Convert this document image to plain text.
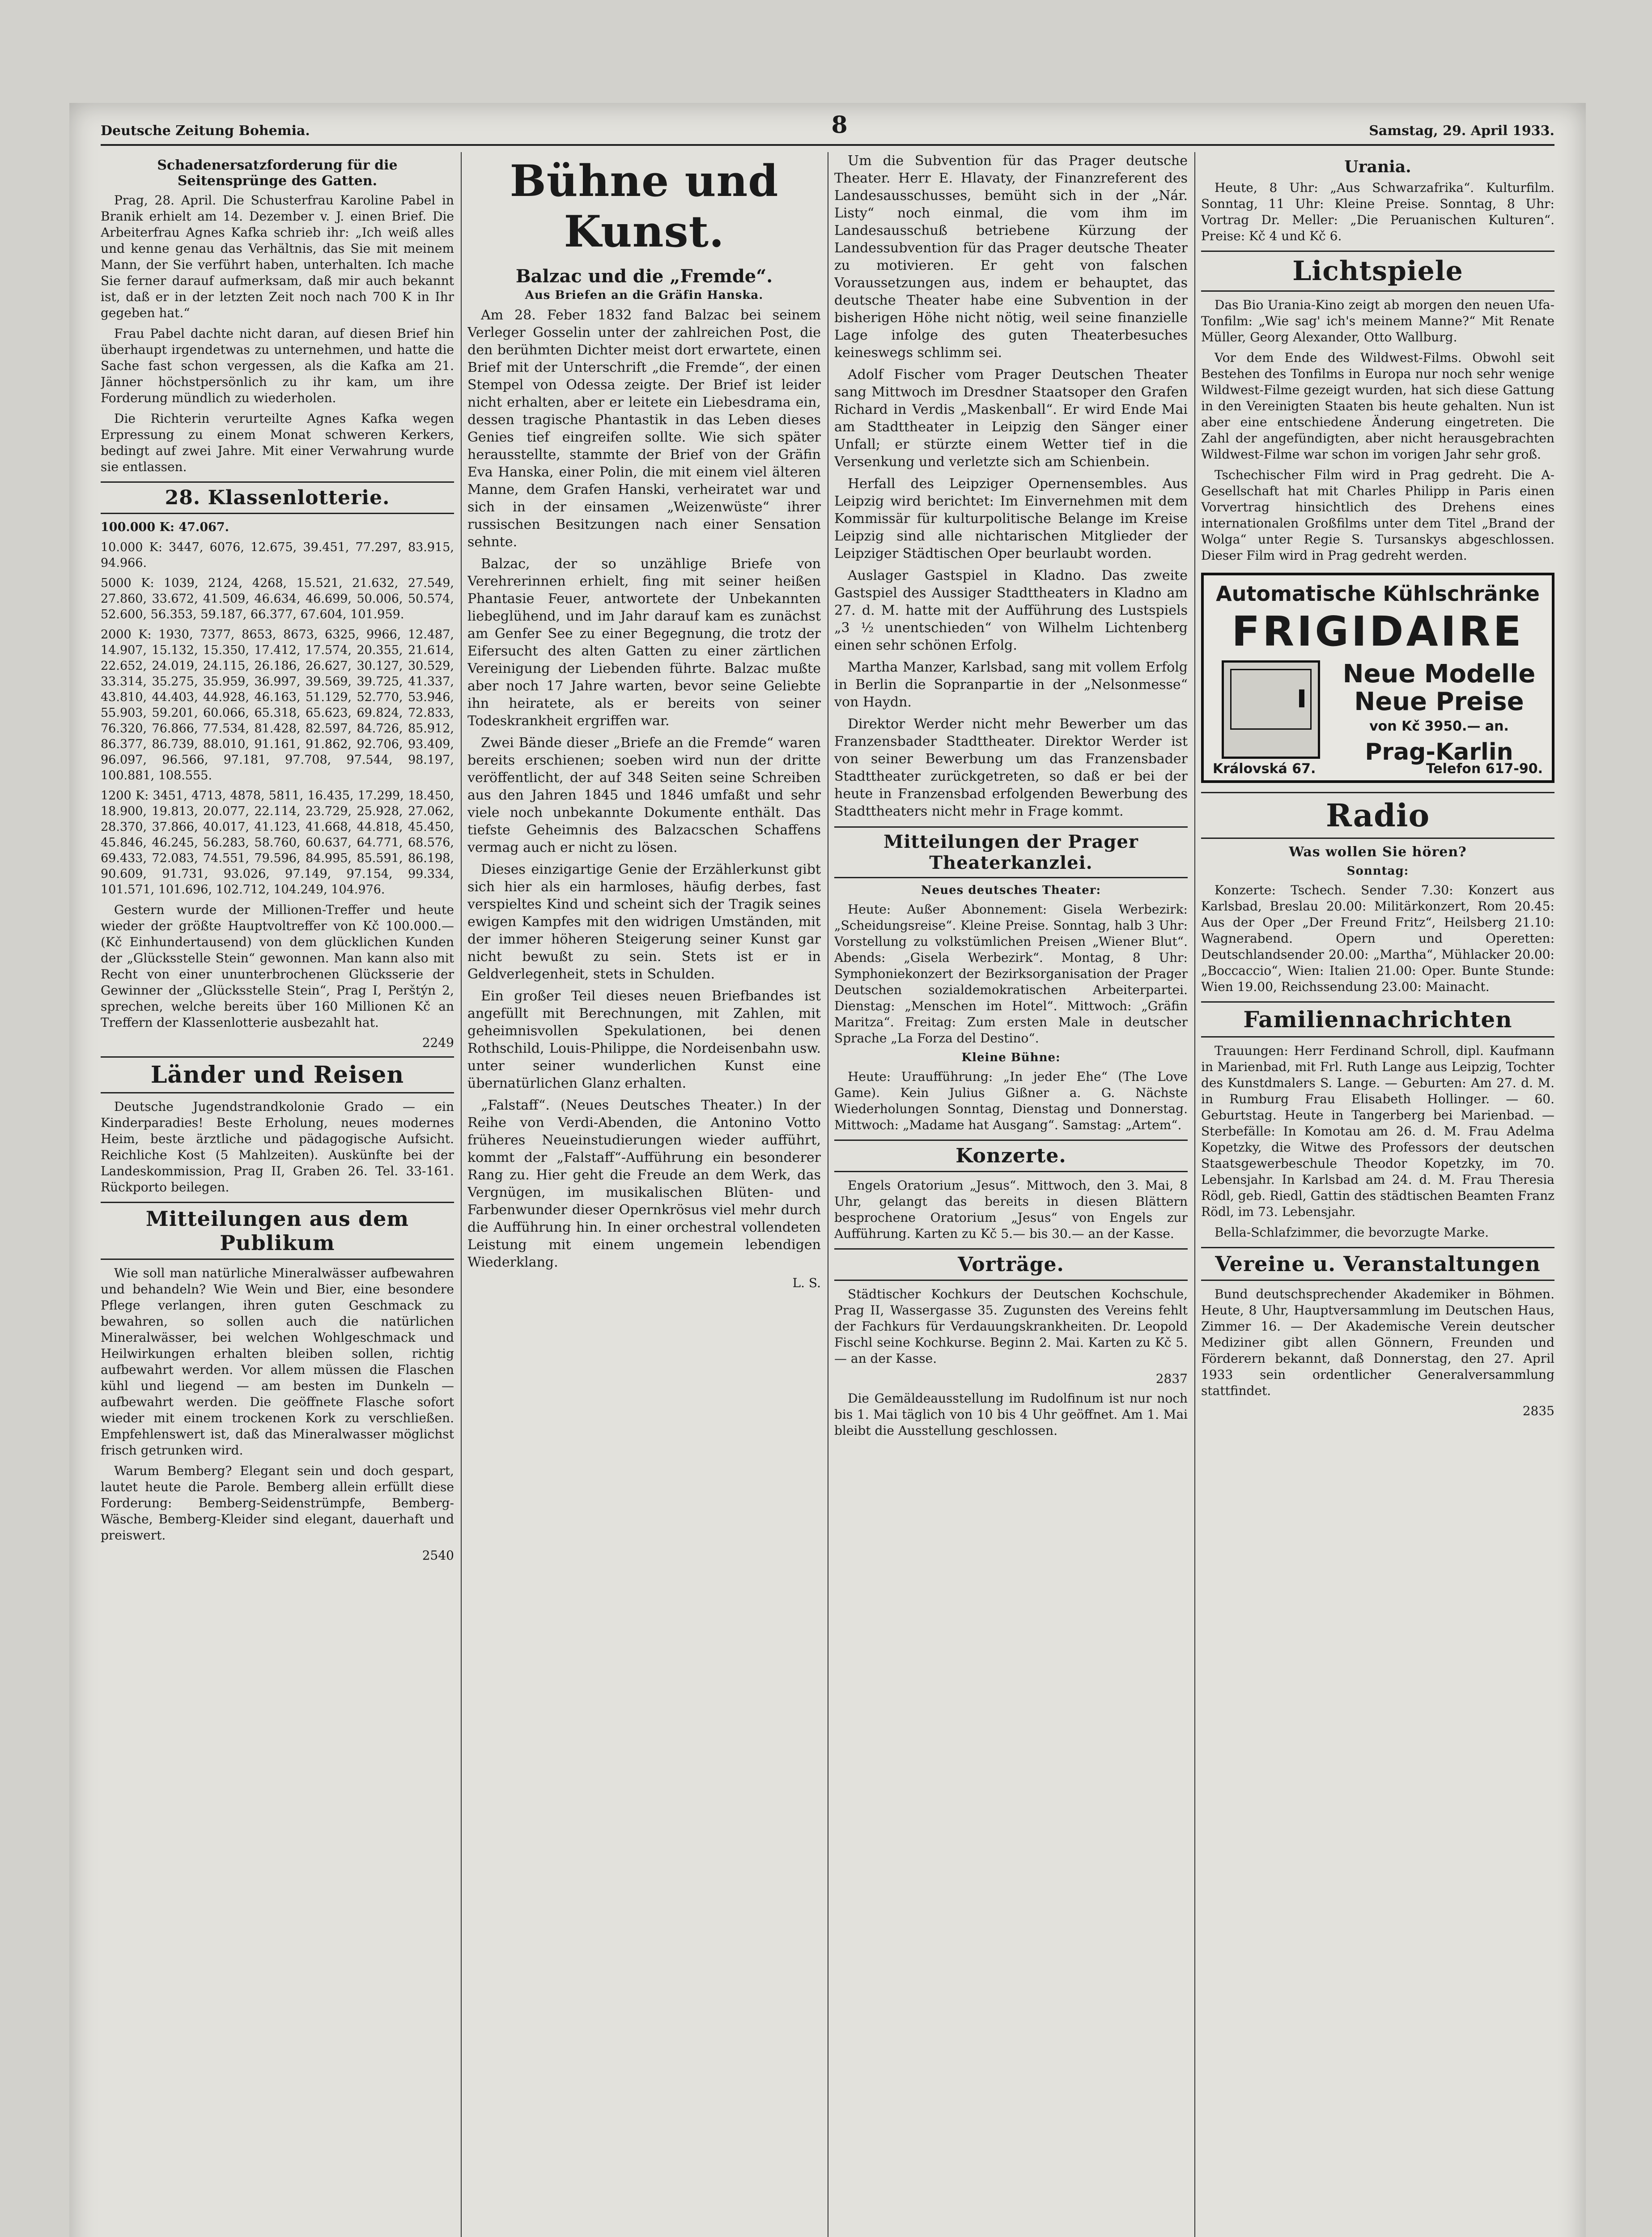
Deutsche Zeitung Bohemia.	8	Samstag, 29. April 1933.
Schadenersatzforderung für die Seitensprünge des Gatten.

Prag, 28. April. Die Schusterfrau Karoline Pabel in Branik erhielt am 14. Dezember v. J. einen Brief. Die Arbeiterfrau Agnes Kafka schrieb ihr: „Ich weiß alles und kenne genau das Verhältnis, das Sie mit meinem Mann, der Sie verführt haben, unterhalten. Ich mache Sie ferner darauf aufmerksam, daß mir auch bekannt ist, daß er in der letzten Zeit noch nach 700 K in Ihr gegeben hat.“

Frau Pabel dachte nicht daran, auf diesen Brief hin überhaupt irgendetwas zu unternehmen, und hatte die Sache fast schon vergessen, als die Kafka am 21. Jänner höchstpersönlich zu ihr kam, um ihre Forderung mündlich zu wiederholen.

Die Richterin verurteilte Agnes Kafka wegen Erpressung zu einem Monat schweren Kerkers, bedingt auf zwei Jahre. Mit einer Verwahrung wurde sie entlassen.

28. Klassenlotterie.

100.000 K: 47.067.

10.000 K: 3447, 6076, 12.675, 39.451, 77.297, 83.915, 94.966.

5000 K: 1039, 2124, 4268, 15.521, 21.632, 27.549, 27.860, 33.672, 41.509, 46.634, 46.699, 50.006, 50.574, 52.600, 56.353, 59.187, 66.377, 67.604, 101.959.

2000 K: 1930, 7377, 8653, 8673, 6325, 9966, 12.487, 14.907, 15.132, 15.350, 17.412, 17.574, 20.355, 21.614, 22.652, 24.019, 24.115, 26.186, 26.627, 30.127, 30.529, 33.314, 35.275, 35.959, 36.997, 39.569, 39.725, 41.337, 43.810, 44.403, 44.928, 46.163, 51.129, 52.770, 53.946, 55.903, 59.201, 60.066, 65.318, 65.623, 69.824, 72.833, 76.320, 76.866, 77.534, 81.428, 82.597, 84.726, 85.912, 86.377, 86.739, 88.010, 91.161, 91.862, 92.706, 93.409, 96.097, 96.566, 97.181, 97.708, 97.544, 98.197, 100.881, 108.555.

1200 K: 3451, 4713, 4878, 5811, 16.435, 17.299, 18.450, 18.900, 19.813, 20.077, 22.114, 23.729, 25.928, 27.062, 28.370, 37.866, 40.017, 41.123, 41.668, 44.818, 45.450, 45.846, 46.245, 56.283, 58.760, 60.637, 64.771, 68.576, 69.433, 72.083, 74.551, 79.596, 84.995, 85.591, 86.198, 90.609, 91.731, 93.026, 97.149, 97.154, 99.334, 101.571, 101.696, 102.712, 104.249, 104.976.

Gestern wurde der Millionen-Treffer und heute wieder der größte Hauptvoltreffer von Kč 100.000.— (Kč Einhundertausend) von dem glücklichen Kunden der „Glücksstelle Stein“ gewonnen. Man kann also mit Recht von einer ununterbrochenen Glücksserie der Gewinner der „Glücksstelle Stein“, Prag I, Perštýn 2, sprechen, welche bereits über 160 Millionen Kč an Treffern der Klassenlotterie ausbezahlt hat.

2249

Länder und Reisen

Deutsche Jugendstrandkolonie Grado — ein Kinderparadies! Beste Erholung, neues modernes Heim, beste ärztliche und pädagogische Aufsicht. Reichliche Kost (5 Mahlzeiten). Auskünfte bei der Landeskommission, Prag II, Graben 26. Tel. 33-161. Rückporto beilegen.

Mitteilungen aus dem Publikum

Wie soll man natürliche Mineralwässer aufbewahren und behandeln? Wie Wein und Bier, eine besondere Pflege verlangen, ihren guten Geschmack zu bewahren, so sollen auch die natürlichen Mineralwässer, bei welchen Wohlgeschmack und Heilwirkungen erhalten bleiben sollen, richtig aufbewahrt werden. Vor allem müssen die Flaschen kühl und liegend — am besten im Dunkeln — aufbewahrt werden. Die geöffnete Flasche sofort wieder mit einem trockenen Kork zu verschließen. Empfehlenswert ist, daß das Mineralwasser möglichst frisch getrunken wird.

Warum Bemberg? Elegant sein und doch gespart, lautet heute die Parole. Bemberg allein erfüllt diese Forderung: Bemberg-Seidenstrümpfe, Bemberg-Wäsche, Bemberg-Kleider sind elegant, dauerhaft und preiswert.

2540

Bühne und Kunst.
Balzac und die „Fremde“.
Aus Briefen an die Gräfin Hanska.

Am 28. Feber 1832 fand Balzac bei seinem Verleger Gosselin unter der zahlreichen Post, die den berühmten Dichter meist dort erwartete, einen Brief mit der Unterschrift „die Fremde“, der einen Stempel von Odessa zeigte. Der Brief ist leider nicht erhalten, aber er leitete ein Liebesdrama ein, dessen tragische Phantastik in das Leben dieses Genies tief eingreifen sollte. Wie sich später herausstellte, stammte der Brief von der Gräfin Eva Hanska, einer Polin, die mit einem viel älteren Manne, dem Grafen Hanski, verheiratet war und sich in der einsamen „Weizenwüste“ ihrer russischen Besitzungen nach einer Sensation sehnte.

Balzac, der so unzählige Briefe von Verehrerinnen erhielt, fing mit seiner heißen Phantasie Feuer, antwortete der Unbekannten liebeglühend, und im Jahr darauf kam es zunächst am Genfer See zu einer Begegnung, die trotz der Eifersucht des alten Gatten zu einer zärtlichen Vereinigung der Liebenden führte. Balzac mußte aber noch 17 Jahre warten, bevor seine Geliebte ihn heiratete, als er bereits von seiner Todeskrankheit ergriffen war.

Zwei Bände dieser „Briefe an die Fremde“ waren bereits erschienen; soeben wird nun der dritte veröffentlicht, der auf 348 Seiten seine Schreiben aus den Jahren 1845 und 1846 umfaßt und sehr viele noch unbekannte Dokumente enthält. Das tiefste Geheimnis des Balzacschen Schaffens vermag auch er nicht zu lösen.

Dieses einzigartige Genie der Erzählerkunst gibt sich hier als ein harmloses, häufig derbes, fast verspieltes Kind und scheint sich der Tragik seines ewigen Kampfes mit den widrigen Umständen, mit der immer höheren Steigerung seiner Kunst gar nicht bewußt zu sein. Stets ist er in Geldverlegenheit, stets in Schulden.

Ein großer Teil dieses neuen Briefbandes ist angefüllt mit Berechnungen, mit Zahlen, mit geheimnisvollen Spekulationen, bei denen Rothschild, Louis-Philippe, die Nordeisenbahn usw. unter seiner wunderlichen Kunst eine übernatürlichen Glanz erhalten.

„Falstaff“. (Neues Deutsches Theater.) In der Reihe von Verdi-Abenden, die Antonino Votto früheres Neueinstudierungen wieder aufführt, kommt der „Falstaff“-Aufführung ein besonderer Rang zu. Hier geht die Freude an dem Werk, das Vergnügen, im musikalischen Blüten- und Farbenwunder dieser Opernkrösus viel mehr durch die Aufführung hin. In einer orchestral vollendeten Leistung mit einem ungemein lebendigen Wiederklang.

L. S.

Um die Subvention für das Prager deutsche Theater. Herr E. Hlavaty, der Finanzreferent des Landesausschusses, bemüht sich in der „Nár. Listy“ noch einmal, die vom ihm im Landesausschuß betriebene Kürzung der Landessubvention für das Prager deutsche Theater zu motivieren. Er geht von falschen Voraussetzungen aus, indem er behauptet, das deutsche Theater habe eine Subvention in der bisherigen Höhe nicht nötig, weil seine finanzielle Lage infolge des guten Theaterbesuches keineswegs schlimm sei.

Adolf Fischer vom Prager Deutschen Theater sang Mittwoch im Dresdner Staatsoper den Grafen Richard in Verdis „Maskenball“. Er wird Ende Mai am Stadttheater in Leipzig den Sänger einer Unfall; er stürzte einem Wetter tief in die Versenkung und verletzte sich am Schienbein.

Herfall des Leipziger Opernensembles. Aus Leipzig wird berichtet: Im Einvernehmen mit dem Kommissär für kulturpolitische Belange im Kreise Leipzig sind alle nichtarischen Mitglieder der Leipziger Städtischen Oper beurlaubt worden.

Auslager Gastspiel in Kladno. Das zweite Gastspiel des Aussiger Stadttheaters in Kladno am 27. d. M. hatte mit der Aufführung des Lustspiels „3 ½ unentschieden“ von Wilhelm Lichtenberg einen sehr schönen Erfolg.

Martha Manzer, Karlsbad, sang mit vollem Erfolg in Berlin die Sopranpartie in der „Nelsonmesse“ von Haydn.

Direktor Werder nicht mehr Bewerber um das Franzensbader Stadttheater. Direktor Werder ist von seiner Bewerbung um das Franzensbader Stadttheater zurückgetreten, so daß er bei der heute in Franzensbad erfolgenden Bewerbung des Stadttheaters nicht mehr in Frage kommt.

Mitteilungen der Prager Theaterkanzlei.
Neues deutsches Theater:

Heute: Außer Abonnement: Gisela Werbezirk: „Scheidungsreise“. Kleine Preise. Sonntag, halb 3 Uhr: Vorstellung zu volkstümlichen Preisen „Wiener Blut“. Abends: „Gisela Werbezirk“. Montag, 8 Uhr: Symphoniekonzert der Bezirksorganisation der Prager Deutschen sozialdemokratischen Arbeiterpartei. Dienstag: „Menschen im Hotel“. Mittwoch: „Gräfin Maritza“. Freitag: Zum ersten Male in deutscher Sprache „La Forza del Destino“.

Kleine Bühne:

Heute: Uraufführung: „In jeder Ehe“ (The Love Game). Kein Julius Gißner a. G. Nächste Wiederholungen Sonntag, Dienstag und Donnerstag. Mittwoch: „Madame hat Ausgang“. Samstag: „Artem“.

Konzerte.

Engels Oratorium „Jesus“. Mittwoch, den 3. Mai, 8 Uhr, gelangt das bereits in diesen Blättern besprochene Oratorium „Jesus“ von Engels zur Aufführung. Karten zu Kč 5.— bis 30.— an der Kasse.

Vorträge.

Städtischer Kochkurs der Deutschen Kochschule, Prag II, Wassergasse 35. Zugunsten des Vereins fehlt der Fachkurs für Verdauungskrankheiten. Dr. Leopold Fischl seine Kochkurse. Beginn 2. Mai. Karten zu Kč 5.— an der Kasse.

2837

Die Gemäldeausstellung im Rudolfinum ist nur noch bis 1. Mai täglich von 10 bis 4 Uhr geöffnet. Am 1. Mai bleibt die Ausstellung geschlossen.

Urania.

Heute, 8 Uhr: „Aus Schwarzafrika“. Kulturfilm. Sonntag, 11 Uhr: Kleine Preise. Sonntag, 8 Uhr: Vortrag Dr. Meller: „Die Peruanischen Kulturen“. Preise: Kč 4 und Kč 6.

Lichtspiele

Das Bio Urania-Kino zeigt ab morgen den neuen Ufa-Tonfilm: „Wie sag' ich's meinem Manne?“ Mit Renate Müller, Georg Alexander, Otto Wallburg.

Vor dem Ende des Wildwest-Films. Obwohl seit Bestehen des Tonfilms in Europa nur noch sehr wenige Wildwest-Filme gezeigt wurden, hat sich diese Gattung in den Vereinigten Staaten bis heute gehalten. Nun ist aber eine entschiedene Änderung eingetreten. Die Zahl der angefündigten, aber nicht herausgebrachten Wildwest-Filme war schon im vorigen Jahr sehr groß.

Tschechischer Film wird in Prag gedreht. Die A-Gesellschaft hat mit Charles Philipp in Paris einen Vorvertrag hinsichtlich des Drehens eines internationalen Großfilms unter dem Titel „Brand der Wolga“ unter Regie S. Tursanskys abgeschlossen. Dieser Film wird in Prag gedreht werden.

Automatische Kühlschränke
FRIGIDAIRE
Neue Modelle
Neue Preise
von Kč 3950.— an.
Prag-Karlin
Královská 67.	Telefon 617-90.
Radio
Was wollen Sie hören?
Sonntag:

Konzerte: Tschech. Sender 7.30: Konzert aus Karlsbad, Breslau 20.00: Militärkonzert, Rom 20.45: Aus der Oper „Der Freund Fritz“, Heilsberg 21.10: Wagnerabend. Opern und Operetten: Deutschlandsender 20.00: „Martha“, Mühlacker 20.00: „Boccaccio“, Wien: Italien 21.00: Oper. Bunte Stunde: Wien 19.00, Reichssendung 23.00: Mainacht.

Familiennachrichten

Trauungen: Herr Ferdinand Schroll, dipl. Kaufmann in Marienbad, mit Frl. Ruth Lange aus Leipzig, Tochter des Kunstdmalers S. Lange. — Geburten: Am 27. d. M. in Rumburg Frau Elisabeth Hollinger. — 60. Geburtstag. Heute in Tangerberg bei Marienbad. — Sterbefälle: In Komotau am 26. d. M. Frau Adelma Kopetzky, die Witwe des Professors der deutschen Staatsgewerbeschule Theodor Kopetzky, im 70. Lebensjahr. In Karlsbad am 24. d. M. Frau Theresia Rödl, geb. Riedl, Gattin des städtischen Beamten Franz Rödl, im 73. Lebensjahr.

Bella-Schlafzimmer, die bevorzugte Marke.

Vereine u. Veranstaltungen

Bund deutschsprechender Akademiker in Böhmen. Heute, 8 Uhr, Hauptversammlung im Deutschen Haus, Zimmer 16. — Der Akademische Verein deutscher Mediziner gibt allen Gönnern, Freunden und Förderern bekannt, daß Donnerstag, den 27. April 1933 sein ordentlicher Generalversammlung stattfindet.

2835
